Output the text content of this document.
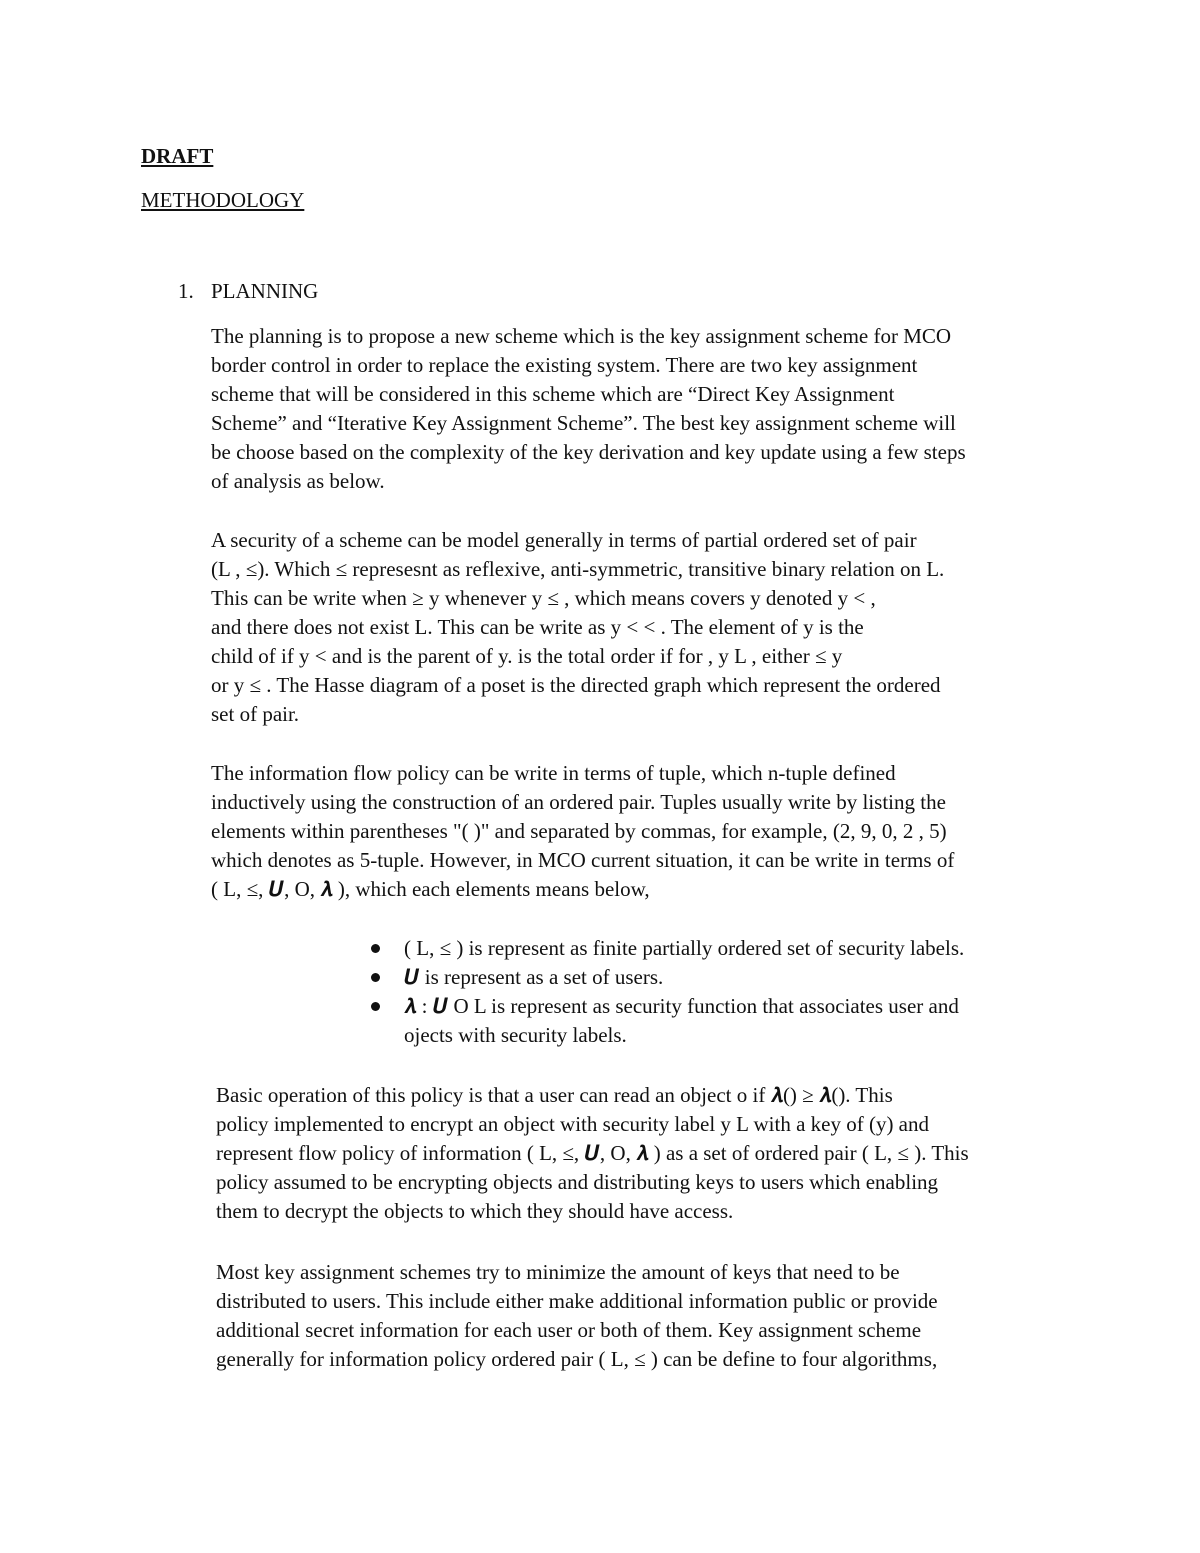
DRAFT
METHODOLOGY
1. PLANNING
The planning is to propose a new scheme which is the key assignment scheme for MCO
border control in order to replace the existing system. There are two key assignment
scheme that will be considered in this scheme which are “Direct Key Assignment
Scheme” and “Iterative Key Assignment Scheme”. The best key assignment scheme will
be choose based on the complexity of the key derivation and key update using a few steps
of analysis as below.
A security of a scheme can be model generally in terms of partial ordered set of pair
(L , ≤). Which ≤ represesnt as reflexive, anti-symmetric, transitive binary relation on L.
This can be write when ≥ y whenever y ≤ , which means covers y denoted y < ,
and there does not exist L. This can be write as y < < . The element of y is the
child of if y < and is the parent of y. is the total order if for , y L , either ≤ y
or y ≤ . The Hasse diagram of a poset is the directed graph which represent the ordered
set of pair.
The information flow policy can be write in terms of tuple, which n-tuple defined
inductively using the construction of an ordered pair. Tuples usually write by listing the
elements within parentheses "( )" and separated by commas, for example, (2, 9, 0, 2 , 5)
which denotes as 5-tuple. However, in MCO current situation, it can be write in terms of
( L, ≤, 𝑼, O, 𝝀 ), which each elements means below,
( L, ≤ ) is represent as finite partially ordered set of security labels.
𝑼 is represent as a set of users.
𝝀 : 𝑼 O L is represent as security function that associates user and
ojects with security labels.
Basic operation of this policy is that a user can read an object o if 𝝀() ≥ 𝝀(). This
policy implemented to encrypt an object with security label y L with a key of (y) and
represent flow policy of information ( L, ≤, 𝑼, O, 𝝀 ) as a set of ordered pair ( L, ≤ ). This
policy assumed to be encrypting objects and distributing keys to users which enabling
them to decrypt the objects to which they should have access.
Most key assignment schemes try to minimize the amount of keys that need to be
distributed to users. This include either make additional information public or provide
additional secret information for each user or both of them. Key assignment scheme
generally for information policy ordered pair ( L, ≤ ) can be define to four algorithms,
